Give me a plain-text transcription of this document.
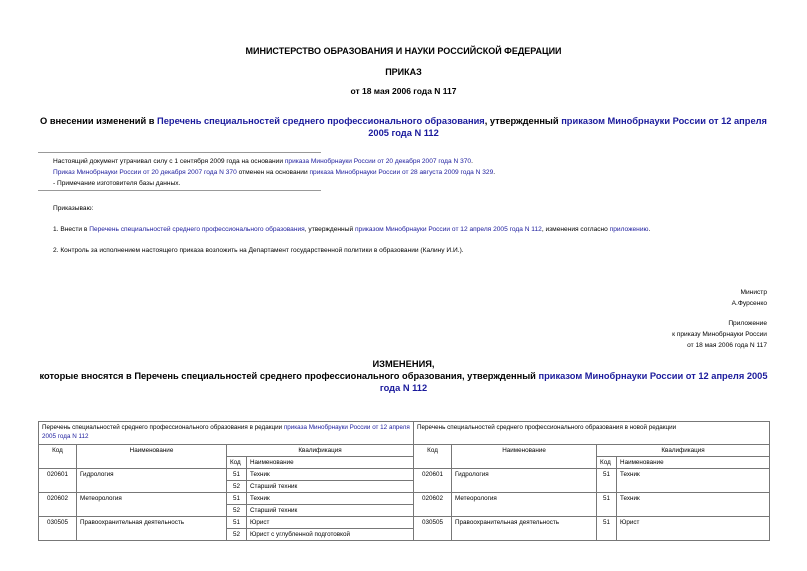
МИНИСТЕРСТВО ОБРАЗОВАНИЯ И НАУКИ РОССИЙСКОЙ ФЕДЕРАЦИИ
ПРИКАЗ
от 18 мая 2006 года N 117
О внесении изменений в Перечень специальностей среднего профессионального образования, утвержденный приказом Минобрнауки России от 12 апреля 2005 года N 112
Настоящий документ утрачивал силу с 1 сентября 2009 года на основании приказа Минобрнауки России от 20 декабря 2007 года N 370.
Приказ Минобрнауки России от 20 декабря 2007 года N 370 отменен на основании приказа Минобрнауки России от 28 августа 2009 года N 329.
- Примечание изготовителя базы данных.
Приказываю:
1. Внести в Перечень специальностей среднего профессионального образования, утвержденный приказом Минобрнауки России от 12 апреля 2005 года N 112, изменения согласно приложению.
2. Контроль за исполнением настоящего приказа возложить на Департамент государственной политики в образовании (Калину И.И.).
Министр
А.Фурсенко
Приложение
к приказу Минобрнауки России
от 18 мая 2006 года N 117
ИЗМЕНЕНИЯ,
которые вносятся в Перечень специальностей среднего профессионального образования, утвержденный приказом Минобрнауки России от 12 апреля 2005 года N 112
Перечень специальностей среднего профессионального образования в редакции приказа Минобрнауки России от 12 апреля 2005 года N 112				Перечень специальностей среднего профессионального образования в новой редакции			
Код	Наименование	Квалификация		Код	Наименование	Квалификация	
		Код	Наименование			Код	Наименование
020601	Гидрология	51	Техник	020601	Гидрология	51	Техник
		52	Старший техник				
020602	Метеорология	51	Техник	020602	Метеорология	51	Техник
		52	Старший техник				
030505	Правоохранительная деятельность	51	Юрист	030505	Правоохранительная деятельность	51	Юрист
		52	Юрист с углубленной подготовкой				
